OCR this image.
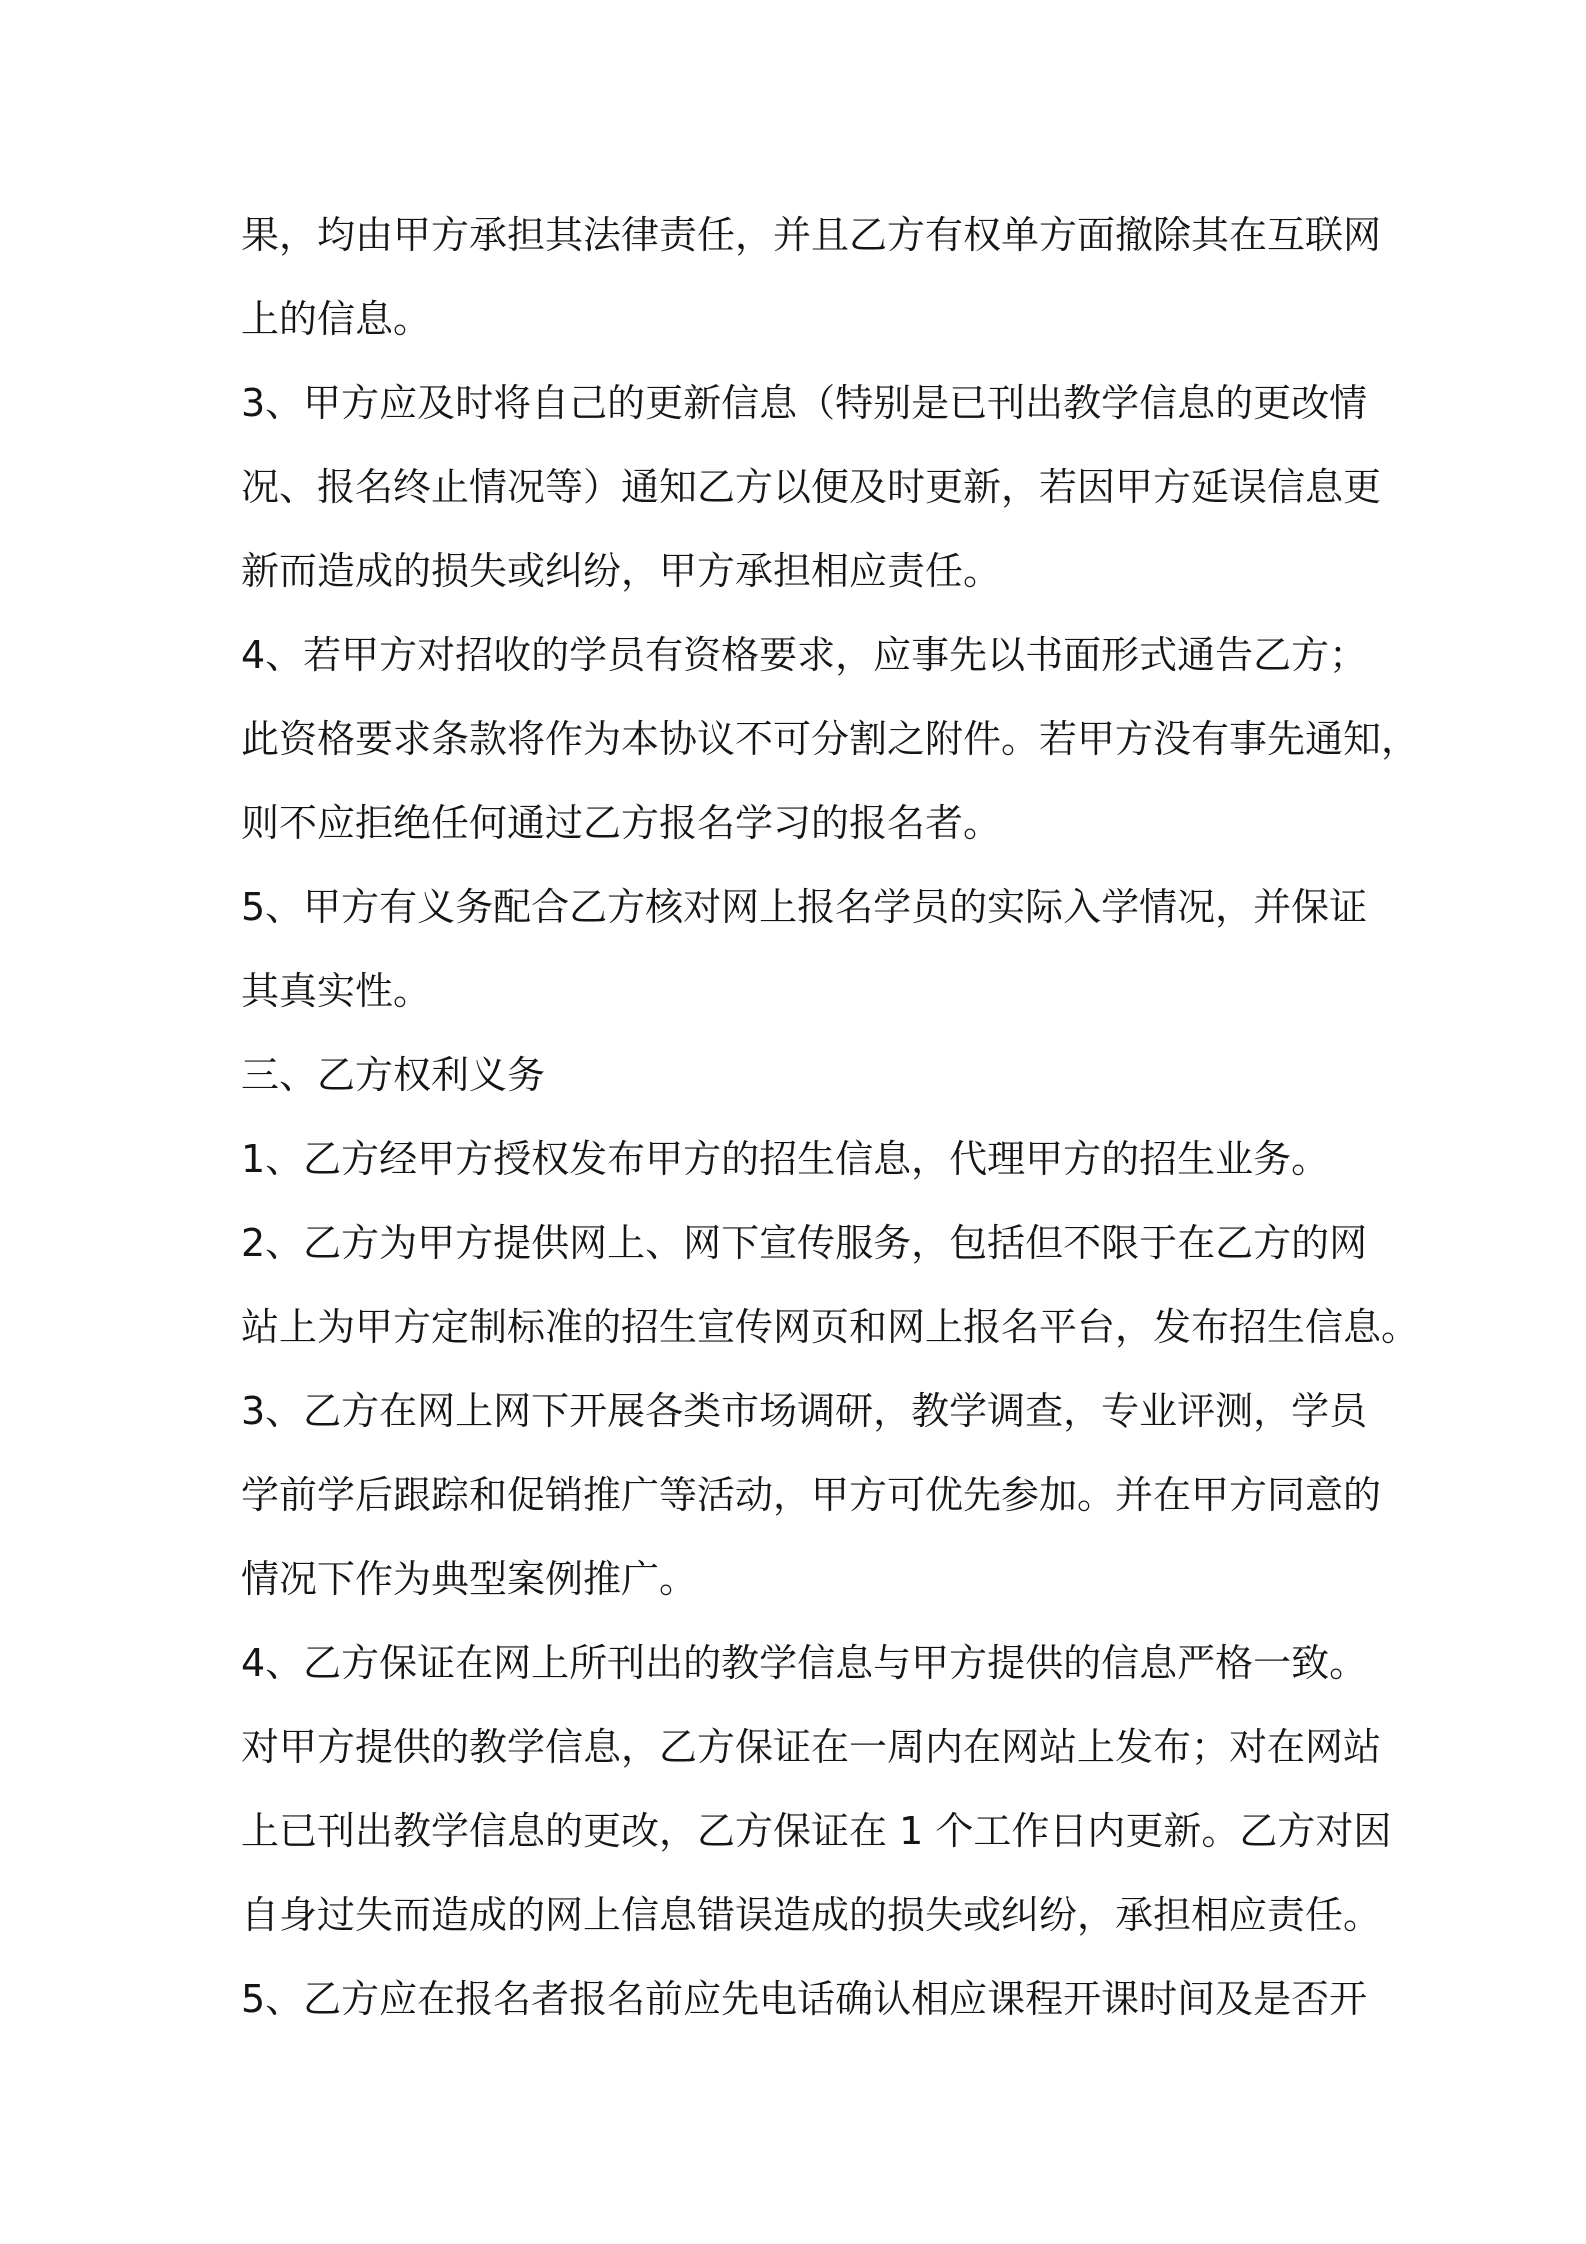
果，均由甲方承担其法律责任，并且乙方有权单方面撤除其在互联网
上的信息。
3、甲方应及时将自己的更新信息（特别是已刊出教学信息的更改情
况、报名终止情况等）通知乙方以便及时更新，若因甲方延误信息更
新而造成的损失或纠纷，甲方承担相应责任。
4、若甲方对招收的学员有资格要求，应事先以书面形式通告乙方；
此资格要求条款将作为本协议不可分割之附件。若甲方没有事先通知，
则不应拒绝任何通过乙方报名学习的报名者。
5、甲方有义务配合乙方核对网上报名学员的实际入学情况，并保证
其真实性。
三、乙方权利义务
1、乙方经甲方授权发布甲方的招生信息，代理甲方的招生业务。
2、乙方为甲方提供网上、网下宣传服务，包括但不限于在乙方的网
站上为甲方定制标准的招生宣传网页和网上报名平台，发布招生信息。
3、乙方在网上网下开展各类市场调研，教学调查，专业评测，学员
学前学后跟踪和促销推广等活动，甲方可优先参加。并在甲方同意的
情况下作为典型案例推广。
4、乙方保证在网上所刊出的教学信息与甲方提供的信息严格一致。
对甲方提供的教学信息，乙方保证在一周内在网站上发布；对在网站
上已刊出教学信息的更改，乙方保证在 1 个工作日内更新。乙方对因
自身过失而造成的网上信息错误造成的损失或纠纷，承担相应责任。
5、乙方应在报名者报名前应先电话确认相应课程开课时间及是否开
